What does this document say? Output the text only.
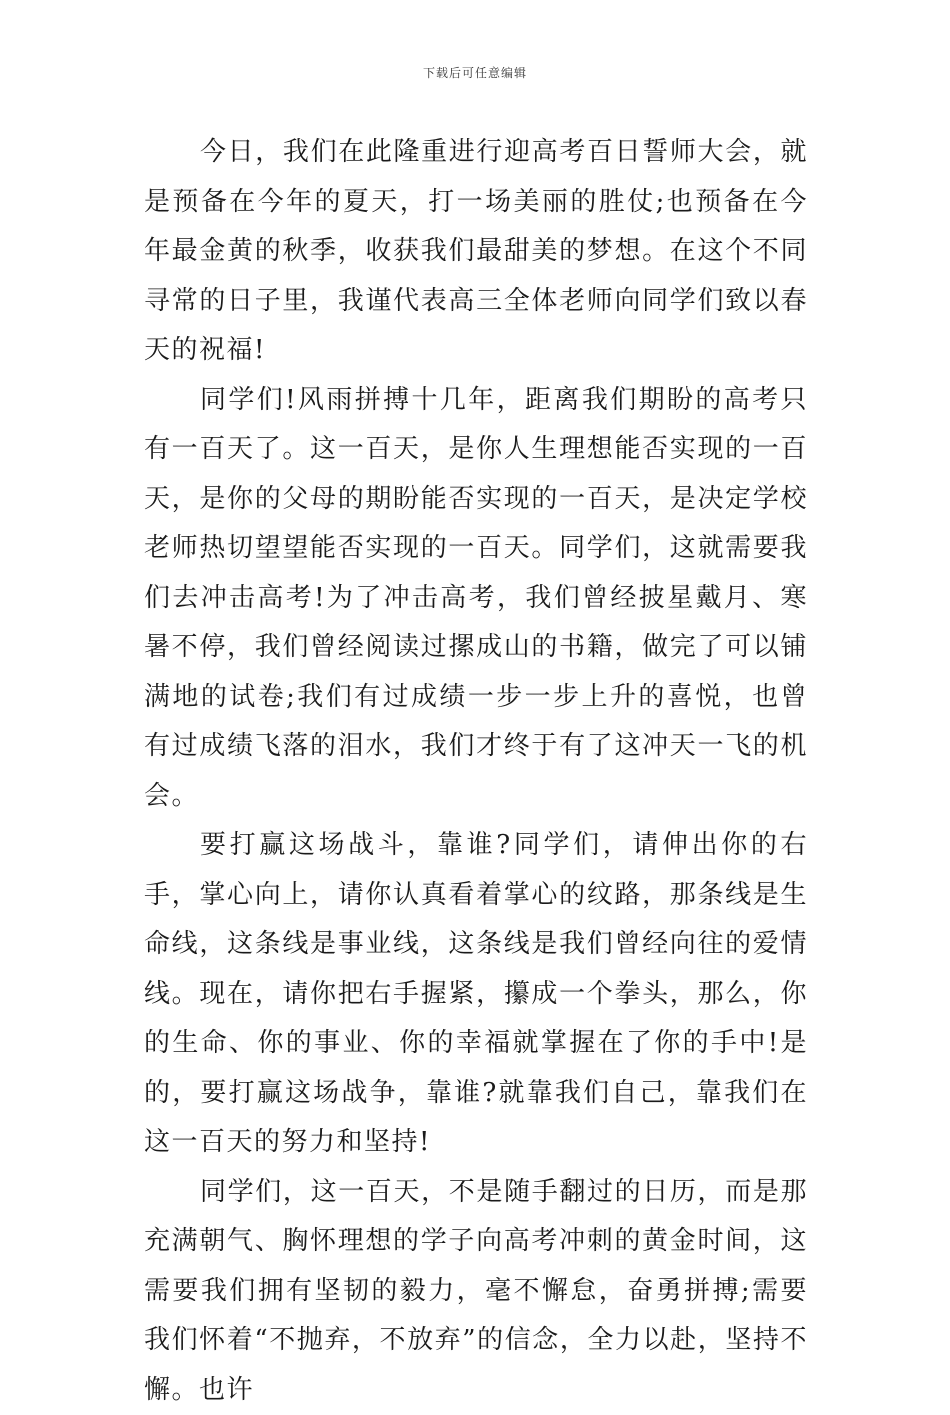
下载后可任意编辑

今日，我们在此隆重进行迎高考百日誓师大会，就是预备在今年的夏天，打一场美丽的胜仗;也预备在今年最金黄的秋季，收获我们最甜美的梦想。在这个不同寻常的日子里，我谨代表高三全体老师向同学们致以春天的祝福!

同学们!风雨拼搏十几年，距离我们期盼的高考只有一百天了。这一百天，是你人生理想能否实现的一百天，是你的父母的期盼能否实现的一百天，是决定学校老师热切望望能否实现的一百天。同学们，这就需要我们去冲击高考!为了冲击高考，我们曾经披星戴月、寒暑不停，我们曾经阅读过摞成山的书籍，做完了可以铺满地的试卷;我们有过成绩一步一步上升的喜悦，也曾有过成绩飞落的泪水，我们才终于有了这冲天一飞的机会。

要打赢这场战斗，靠谁?同学们，请伸出你的右手，掌心向上，请你认真看着掌心的纹路，那条线是生命线，这条线是事业线，这条线是我们曾经向往的爱情线。现在，请你把右手握紧，攥成一个拳头，那么，你的生命、你的事业、你的幸福就掌握在了你的手中!是的，要打赢这场战争，靠谁?就靠我们自己，靠我们在这一百天的努力和坚持!

同学们，这一百天，不是随手翻过的日历，而是那充满朝气、胸怀理想的学子向高考冲刺的黄金时间，这需要我们拥有坚韧的毅力，毫不懈怠，奋勇拼搏;需要我们怀着“不抛弃，不放弃”的信念，全力以赴，坚持不懈。也许
